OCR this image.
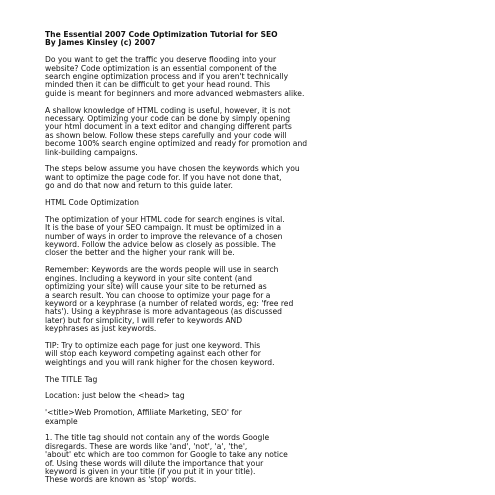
The Essential 2007 Code Optimization Tutorial for SEO
By James Kinsley (c) 2007
Do you want to get the traffic you deserve flooding into your
website? Code optimization is an essential component of the
search engine optimization process and if you aren't technically
minded then it can be difficult to get your head round. This
guide is meant for beginners and more advanced webmasters alike.
A shallow knowledge of HTML coding is useful, however, it is not
necessary. Optimizing your code can be done by simply opening
your html document in a text editor and changing different parts
as shown below. Follow these steps carefully and your code will
become 100% search engine optimized and ready for promotion and
link-building campaigns.
The steps below assume you have chosen the keywords which you
want to optimize the page code for. If you have not done that,
go and do that now and return to this guide later.
HTML Code Optimization
The optimization of your HTML code for search engines is vital.
It is the base of your SEO campaign. It must be optimized in a
number of ways in order to improve the relevance of a chosen
keyword. Follow the advice below as closely as possible. The
closer the better and the higher your rank will be.
Remember: Keywords are the words people will use in search
engines. Including a keyword in your site content (and
optimizing your site) will cause your site to be returned as
a search result. You can choose to optimize your page for a
keyword or a keyphrase (a number of related words, eg: 'free red
hats'). Using a keyphrase is more advantageous (as discussed
later) but for simplicity, I will refer to keywords AND
keyphrases as just keywords.
TIP: Try to optimize each page for just one keyword. This
will stop each keyword competing against each other for
weightings and you will rank higher for the chosen keyword.
The TITLE Tag
Location: just below the <head> tag
'<title>Web Promotion, Affiliate Marketing, SEO' for
example
1. The title tag should not contain any of the words Google
disregards. These are words like 'and', 'not', 'a', 'the',
'about' etc which are too common for Google to take any notice
of. Using these words will dilute the importance that your
keyword is given in your title (if you put it in your title).
These words are known as 'stop' words.
